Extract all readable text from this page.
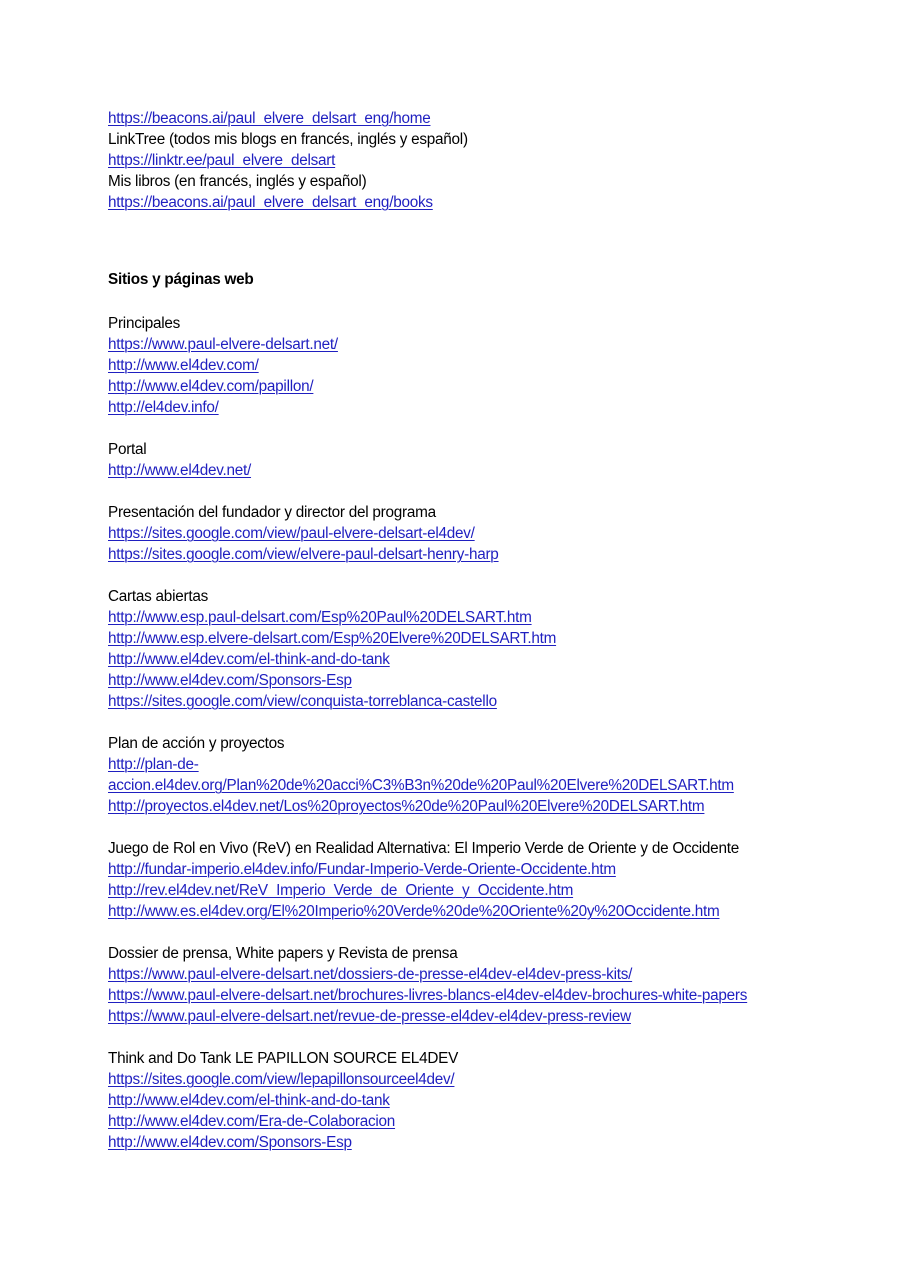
https://beacons.ai/paul_elvere_delsart_eng/home
LinkTree (todos mis blogs en francés, inglés y español)
https://linktr.ee/paul_elvere_delsart
Mis libros (en francés, inglés y español)
https://beacons.ai/paul_elvere_delsart_eng/books
Sitios y páginas web
Principales
https://www.paul-elvere-delsart.net/
http://www.el4dev.com/
http://www.el4dev.com/papillon/
http://el4dev.info/
Portal
http://www.el4dev.net/
Presentación del fundador y director del programa
https://sites.google.com/view/paul-elvere-delsart-el4dev/
https://sites.google.com/view/elvere-paul-delsart-henry-harp
Cartas abiertas
http://www.esp.paul-delsart.com/Esp%20Paul%20DELSART.htm
http://www.esp.elvere-delsart.com/Esp%20Elvere%20DELSART.htm
http://www.el4dev.com/el-think-and-do-tank
http://www.el4dev.com/Sponsors-Esp
https://sites.google.com/view/conquista-torreblanca-castello
Plan de acción y proyectos
http://plan-de-
accion.el4dev.org/Plan%20de%20acci%C3%B3n%20de%20Paul%20Elvere%20DELSART.htm
http://proyectos.el4dev.net/Los%20proyectos%20de%20Paul%20Elvere%20DELSART.htm
Juego de Rol en Vivo (ReV) en Realidad Alternativa: El Imperio Verde de Oriente y de Occidente
http://fundar-imperio.el4dev.info/Fundar-Imperio-Verde-Oriente-Occidente.htm
http://rev.el4dev.net/ReV_Imperio_Verde_de_Oriente_y_Occidente.htm
http://www.es.el4dev.org/El%20Imperio%20Verde%20de%20Oriente%20y%20Occidente.htm
Dossier de prensa, White papers y Revista de prensa
https://www.paul-elvere-delsart.net/dossiers-de-presse-el4dev-el4dev-press-kits/
https://www.paul-elvere-delsart.net/brochures-livres-blancs-el4dev-el4dev-brochures-white-papers
https://www.paul-elvere-delsart.net/revue-de-presse-el4dev-el4dev-press-review
Think and Do Tank LE PAPILLON SOURCE EL4DEV
https://sites.google.com/view/lepapillonsourceel4dev/
http://www.el4dev.com/el-think-and-do-tank
http://www.el4dev.com/Era-de-Colaboracion
http://www.el4dev.com/Sponsors-Esp
